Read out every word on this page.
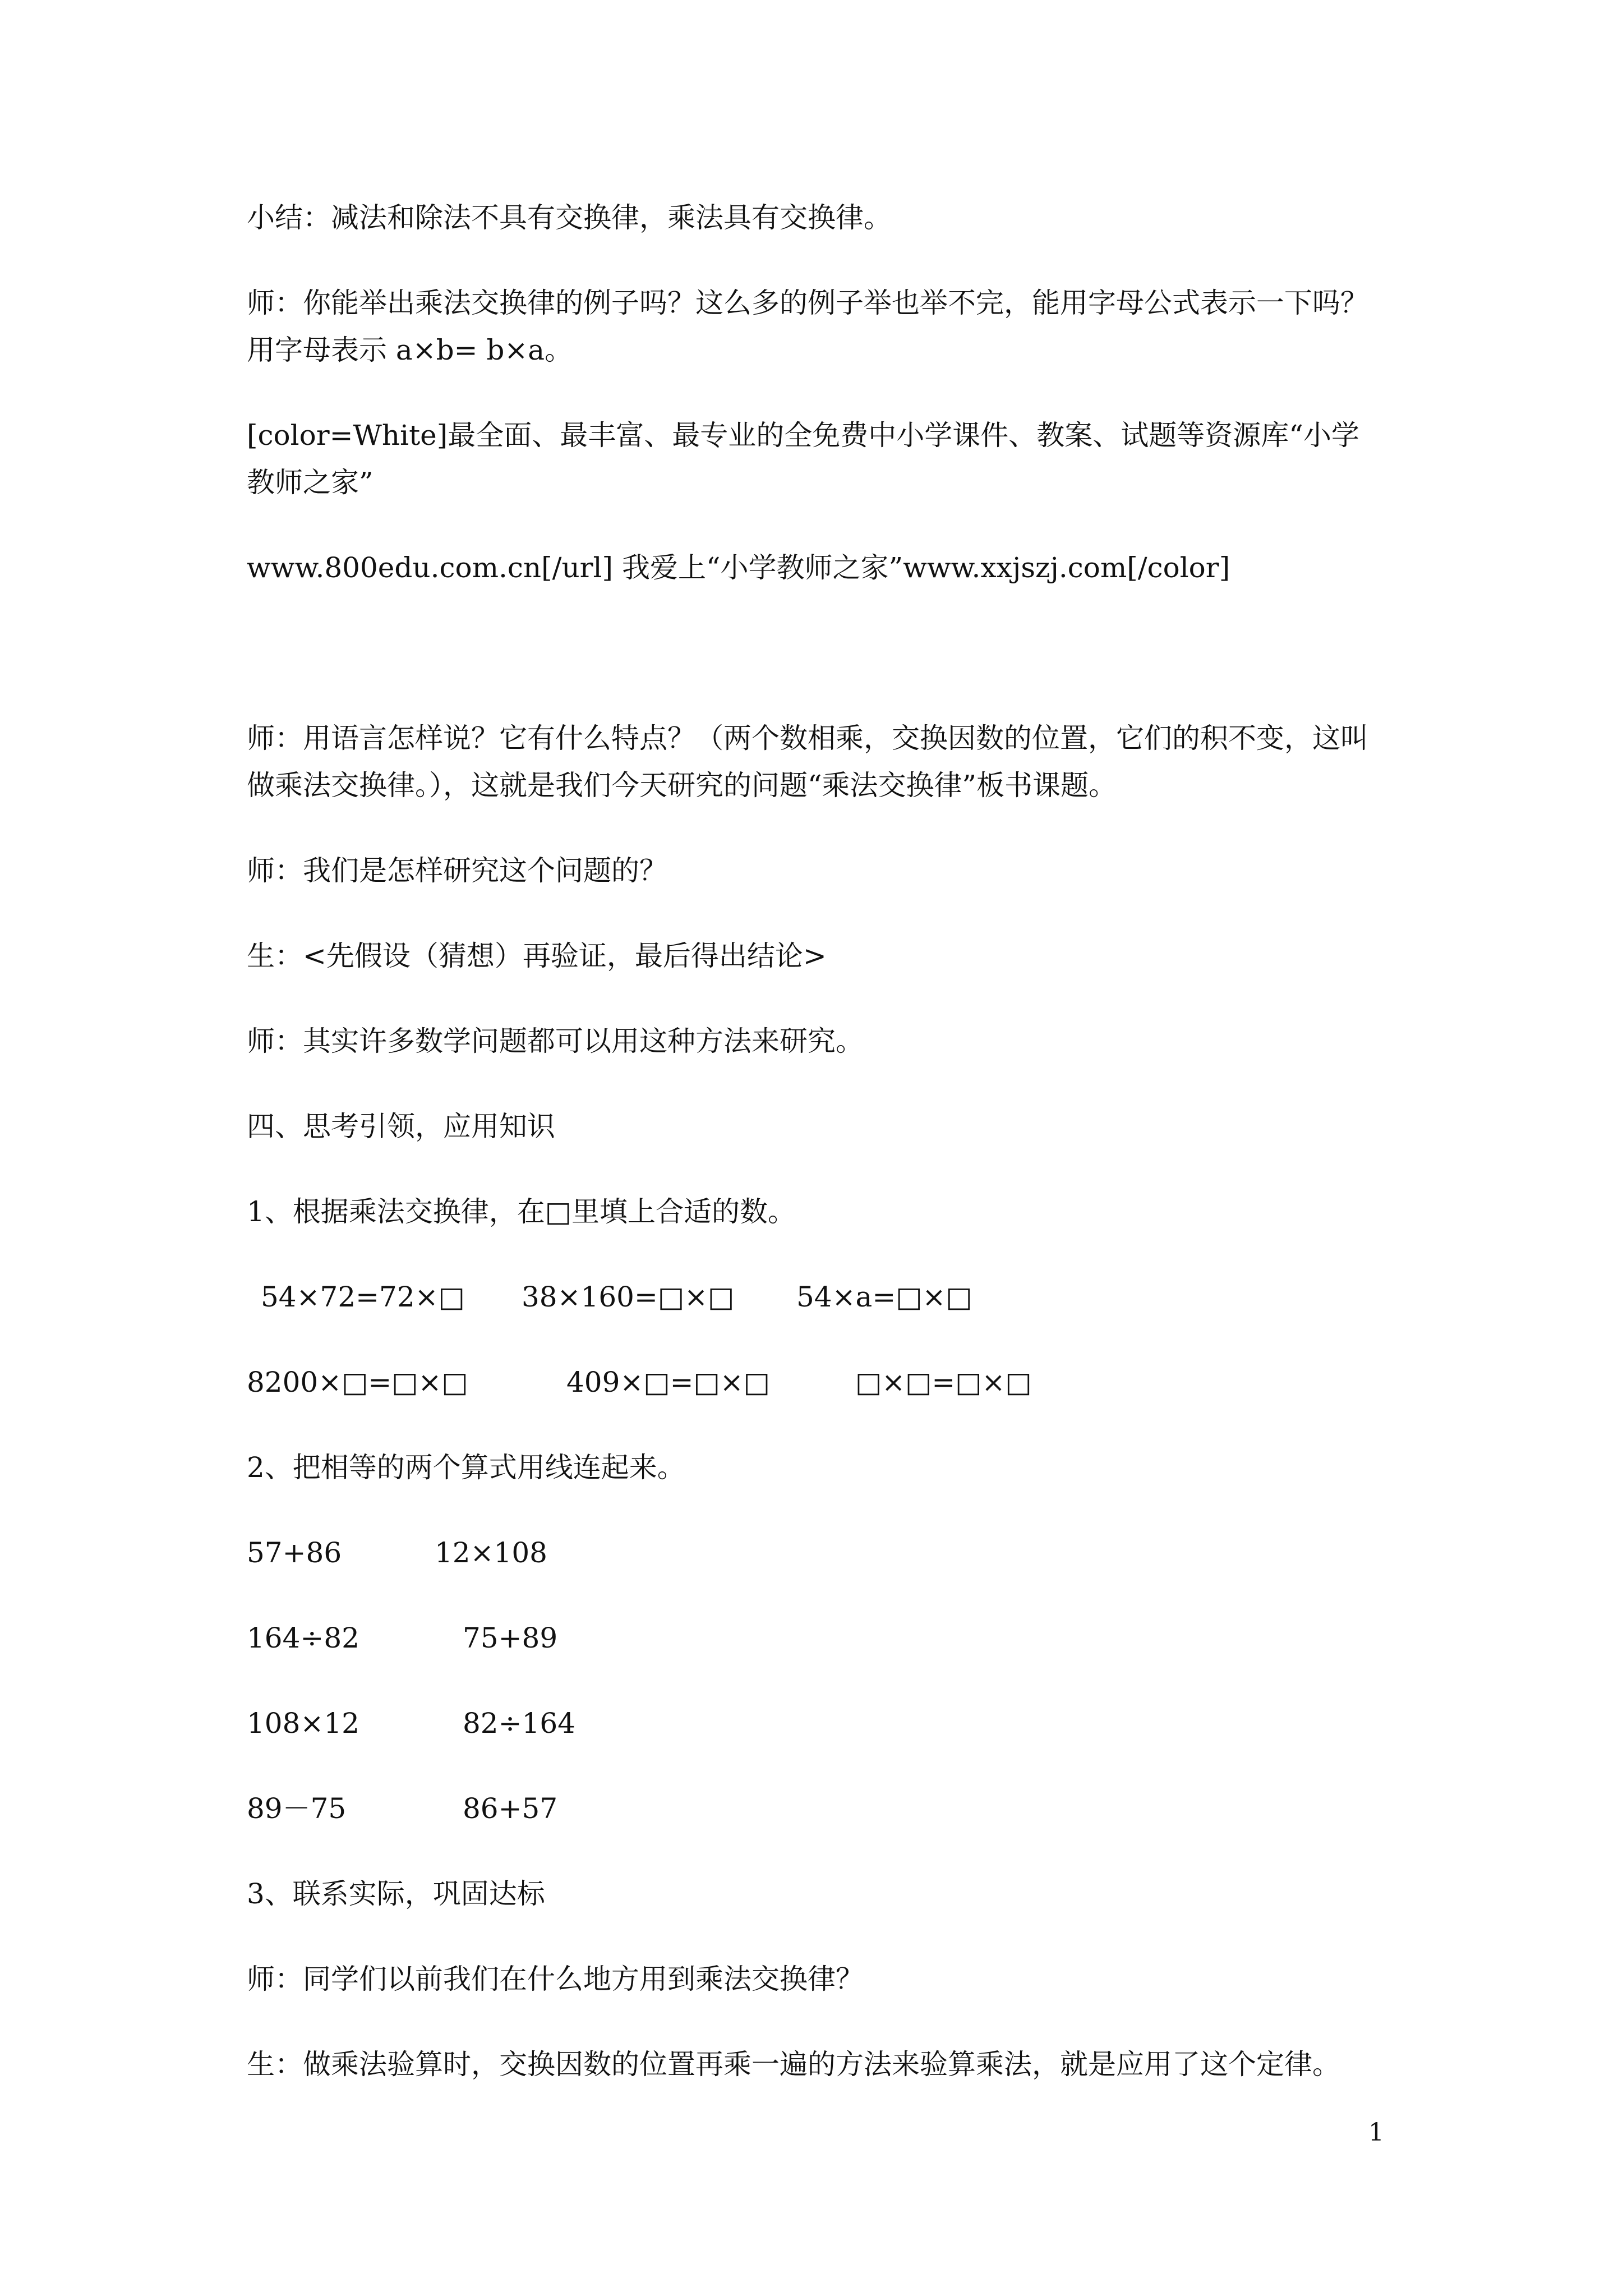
小结：减法和除法不具有交换律，乘法具有交换律。
师：你能举出乘法交换律的例子吗？这么多的例子举也举不完，能用字母公式表示一下吗？
用字母表示 a×b= b×a。
[color=White]最全面、最丰富、最专业的全免费中小学课件、教案、试题等资源库“小学
教师之家”
www.800edu.com.cn[/url] 我爱上“小学教师之家”www.xxjszj.com[/color]
师：用语言怎样说？它有什么特点？（两个数相乘，交换因数的位置，它们的积不变，这叫
做乘法交换律。），这就是我们今天研究的问题“乘法交换律”板书课题。
师：我们是怎样研究这个问题的？
生：<先假设（猜想）再验证，最后得出结论>
师：其实许多数学问题都可以用这种方法来研究。
四、思考引领，应用知识
1、根据乘法交换律，在□里填上合适的数。
54×72=72×□ 38×160=□×□ 54×a=□×□
8200×□=□×□	409×□=□×□	□×□=□×□
2、把相等的两个算式用线连起来。
57+86	12×108
164÷82	75+89
108×12	82÷164
89－75	86+57
3、联系实际，巩固达标
师：同学们以前我们在什么地方用到乘法交换律？
生：做乘法验算时，交换因数的位置再乘一遍的方法来验算乘法，就是应用了这个定律。
1
